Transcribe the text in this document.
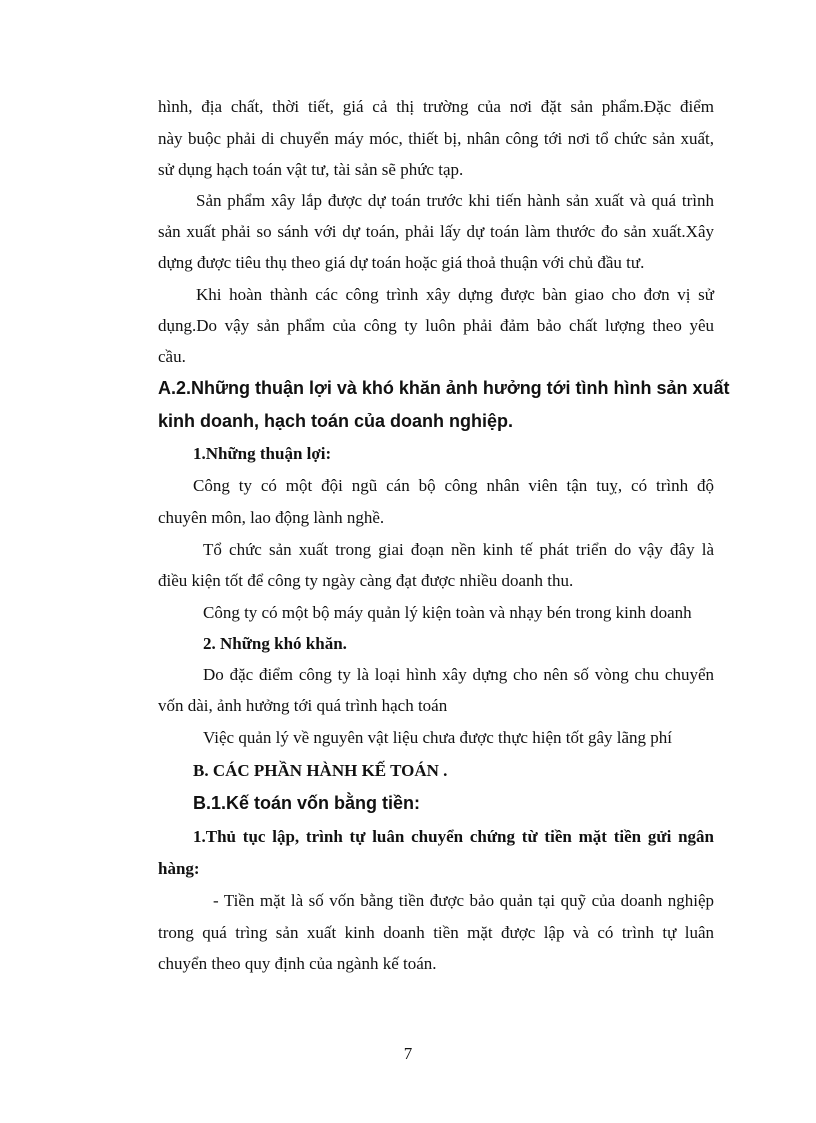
hình, địa chất, thời tiết, giá cả thị trường của nơi đặt sản phẩm.Đặc điểm
này buộc phải di chuyển máy móc, thiết bị, nhân công tới nơi tổ chức sản xuất,
sử dụng hạch toán vật tư, tài sản sẽ phức tạp.
Sản phẩm xây lắp được dự toán trước khi tiến hành sản xuất và quá trình
sản xuất phải so sánh với dự toán, phải lấy dự toán làm thước đo sản xuất.Xây
dựng được tiêu thụ theo giá dự toán hoặc giá thoả thuận với chủ đầu tư.
Khi hoàn thành các công trình xây dựng được bàn giao cho đơn vị sử
dụng.Do vậy sản phẩm của công ty luôn phải đảm bảo chất lượng theo yêu
cầu.
A.2.Những thuận lợi và khó khăn ảnh hưởng tới tình hình sản xuất
kinh doanh, hạch toán của doanh nghiệp.
1.Những thuận lợi:
Công ty có một đội ngũ cán bộ công nhân viên tận tuỵ, có trình độ
chuyên môn, lao động lành nghề.
Tổ chức sản xuất trong giai đoạn nền kinh tế phát triển do vậy đây là
điều kiện tốt để công ty ngày càng đạt được nhiều doanh thu.
Công ty có một bộ máy quản lý kiện toàn và nhạy bén trong kinh doanh
2. Những khó khăn.
Do đặc điểm công ty là loại hình xây dựng cho nên số vòng chu chuyển
vốn dài, ảnh hưởng tới quá trình hạch toán
Việc quản lý về nguyên vật liệu chưa được thực hiện tốt gây lãng phí
B. CÁC PHẦN HÀNH KẾ TOÁN .
B.1.Kế toán vốn bằng tiền:
1.Thủ tục lập, trình tự luân chuyển chứng từ tiền mặt tiền gửi ngân
hàng:
- Tiền mặt là số vốn bằng tiền được bảo quản tại quỹ của doanh nghiệp
trong quá trìng sản xuất kinh doanh tiền mặt được lập và có trình tự luân
chuyển theo quy định của ngành kế toán.
7
